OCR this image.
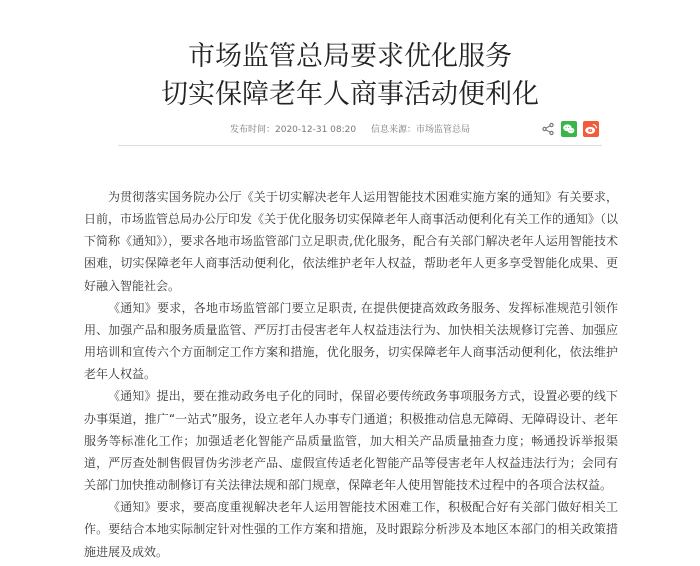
市场监管总局要求优化服务
切实保障老年人商事活动便利化
发布时间：2020-12-31 08:20 信息来源：市场监管总局

为贯彻落实国务院办公厅《关于切实解决老年人运用智能技术困难实施方案的通知》有关要求，日前，市场监管总局办公厅印发《关于优化服务切实保障老年人商事活动便利化有关工作的通知》（以下简称《通知》），要求各地市场监管部门立足职责,优化服务，配合有关部门解决老年人运用智能技术困难，切实保障老年人商事活动便利化，依法维护老年人权益，帮助老年人更多享受智能化成果、更好融入智能社会。

《通知》要求，各地市场监管部门要立足职责, 在提供便捷高效政务服务、发挥标准规范引领作用、加强产品和服务质量监管、严厉打击侵害老年人权益违法行为、加快相关法规修订完善、加强应用培训和宣传六个方面制定工作方案和措施，优化服务，切实保障老年人商事活动便利化，依法维护老年人权益。

《通知》提出，要在推动政务电子化的同时，保留必要传统政务事项服务方式，设置必要的线下办事渠道，推广“一站式”服务，设立老年人办事专门通道；积极推动信息无障碍、无障碍设计、老年服务等标准化工作；加强适老化智能产品质量监管，加大相关产品质量抽查力度；畅通投诉举报渠道，严厉查处制售假冒伪劣涉老产品、虚假宣传适老化智能产品等侵害老年人权益违法行为；会同有关部门加快推动制修订有关法律法规和部门规章，保障老年人使用智能技术过程中的各项合法权益。

《通知》要求，要高度重视解决老年人运用智能技术困难工作，积极配合好有关部门做好相关工作。要结合本地实际制定针对性强的工作方案和措施，及时跟踪分析涉及本地区本部门的相关政策措施进展及成效。
